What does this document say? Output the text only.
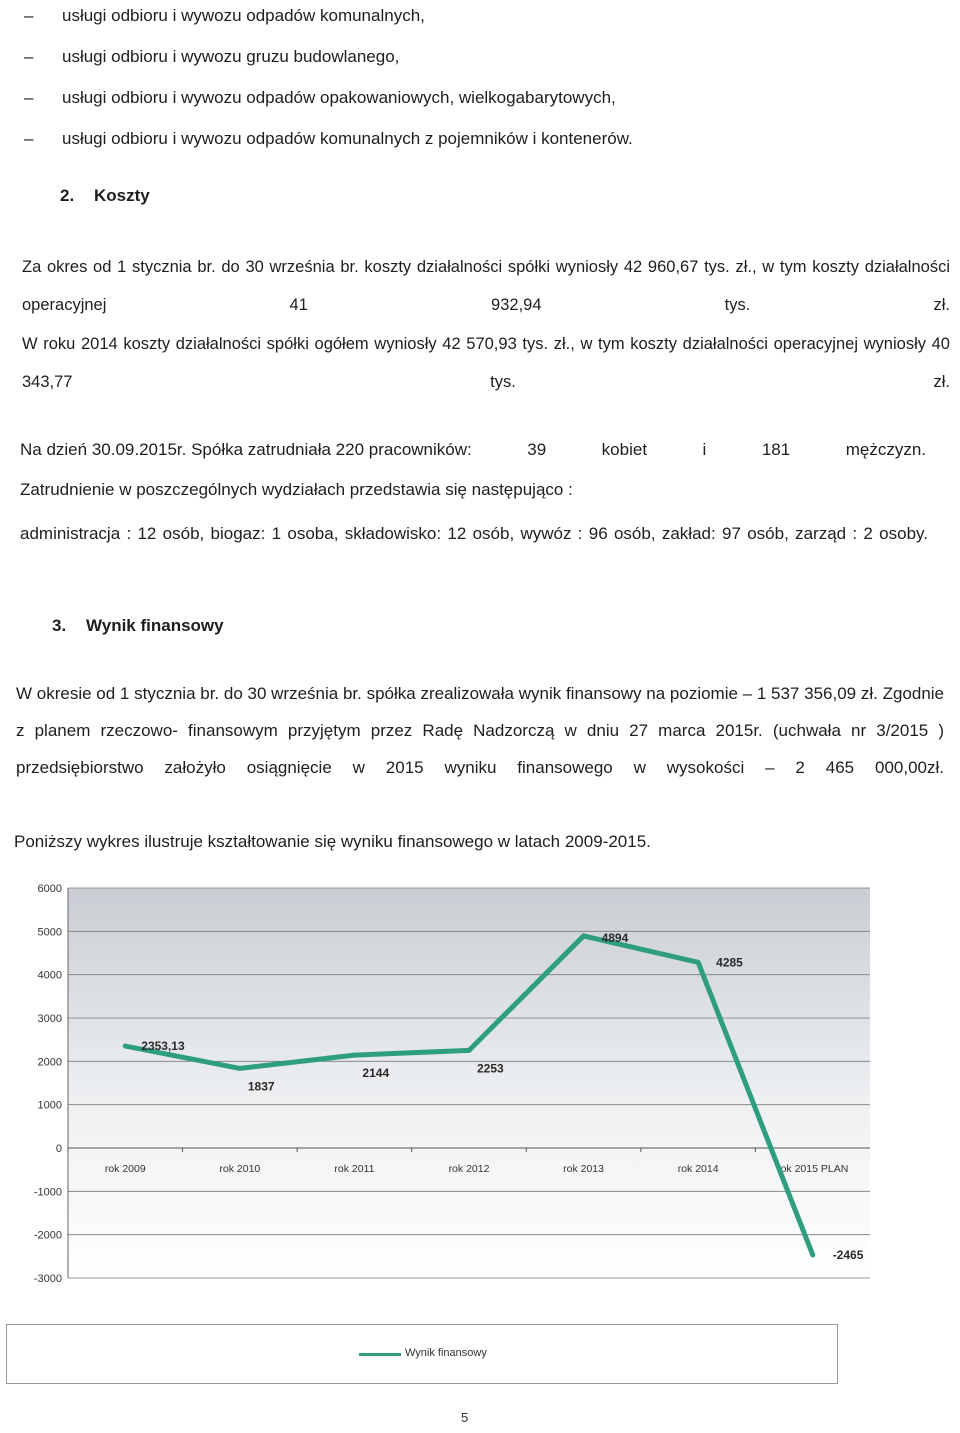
– usługi odbioru i wywozu odpadów komunalnych,
– usługi odbioru i wywozu gruzu budowlanego,
– usługi odbioru i wywozu odpadów opakowaniowych, wielkogabarytowych,
– usługi odbioru i wywozu odpadów komunalnych z pojemników i kontenerów.
2. Koszty

Za okres od 1 stycznia br. do 30 września br. koszty działalności spółki wyniosły 42 960,67 tys. zł., w tym koszty działalności operacyjnej 41 932,94 tys. zł.

W roku 2014 koszty działalności spółki ogółem wyniosły 42 570,93 tys. zł., w tym koszty działalności operacyjnej wyniosły 40 343,77 tys. zł.

Na dzień 30.09.2015r. Spółka zatrudniała 220 pracowników:	39	kobiet	i	181	mężczyzn.

Zatrudnienie w poszczególnych wydziałach przedstawia się następująco :

administracja : 12 osób, biogaz: 1 osoba, składowisko: 12 osób, wywóz : 96 osób, zakład: 97 osób, zarząd : 2 osoby.

3. Wynik finansowy

W okresie od 1 stycznia br. do 30 września br. spółka zrealizowała wynik finansowy na poziomie – 1 537 356,09 zł. Zgodnie z planem rzeczowo- finansowym przyjętym przez Radę Nadzorczą w dniu 27 marca 2015r. (uchwała nr 3/2015 ) przedsiębiorstwo założyło osiągnięcie w 2015 wyniku finansowego w wysokości – 2 465 000,00zł.

Poniższy wykres ilustruje kształtowanie się wyniku finansowego w latach 2009-2015.

-3000
-2000
-1000
0
1000
2000
3000
4000
5000
6000
rok 2009	rok 2010	rok 2011	rok 2012	rok 2013	rok 2014	rok 2015 PLAN
2353,13
1837
2144	2253
4894
4285
-2465
Wynik finansowy
5
